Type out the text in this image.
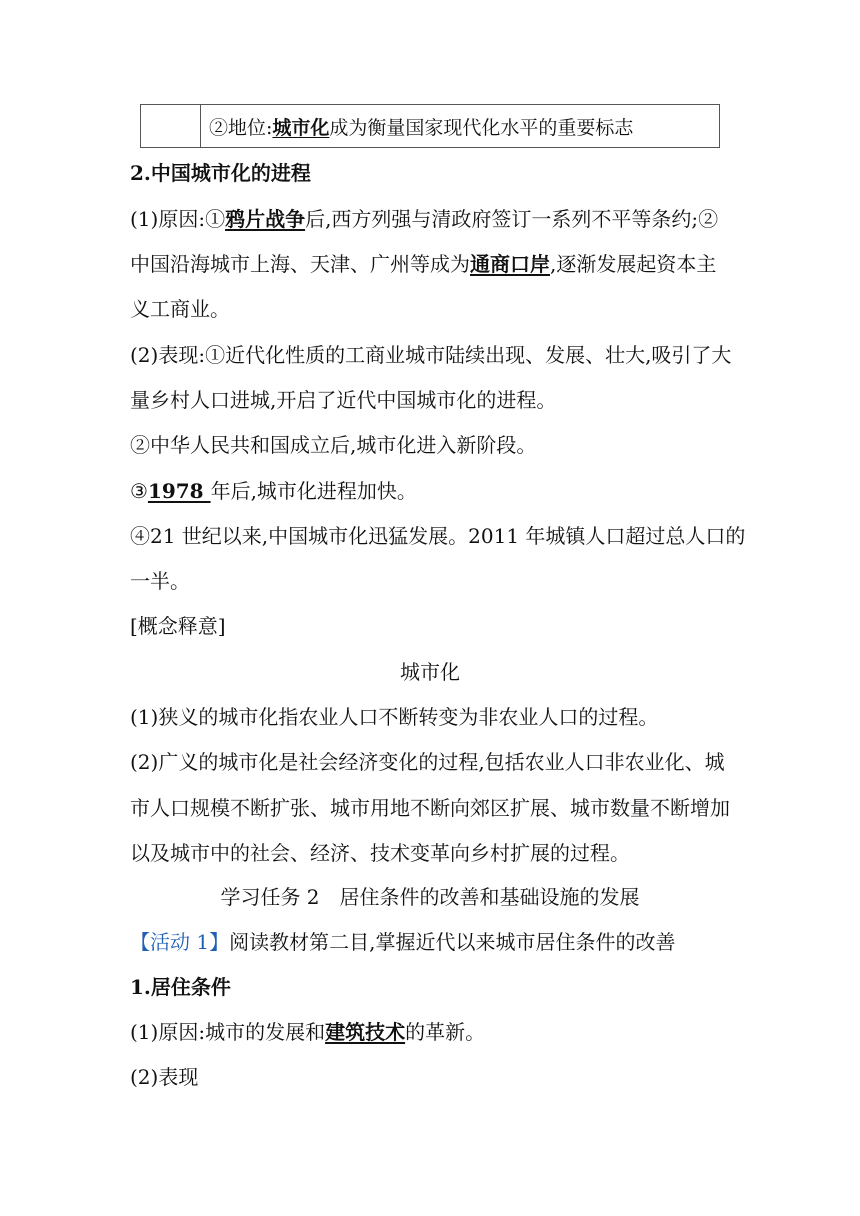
②地位: 城市化 成为衡量国家现代化水平的重要标志
2.中国城市化的进程
(1)原因:①鸦片战争后,西方列强与清政府签订一系列不平等条约;②
中国沿海城市上海、天津、广州等成为通商口岸,逐渐发展起资本主
义工商业。
(2)表现:①近代化性质的工商业城市陆续出现、发展、壮大,吸引了大
量乡村人口进城,开启了近代中国城市化的进程。
②中华人民共和国成立后,城市化进入新阶段。
③1978 年后,城市化进程加快。
④21 世纪以来,中国城市化迅猛发展。2011 年城镇人口超过总人口的
一半。
[概念释意]
城市化
(1)狭义的城市化指农业人口不断转变为非农业人口的过程。
(2)广义的城市化是社会经济变化的过程,包括农业人口非农业化、城
市人口规模不断扩张、城市用地不断向郊区扩展、城市数量不断增加
以及城市中的社会、经济、技术变革向乡村扩展的过程。
学习任务 2　居住条件的改善和基础设施的发展
【活动 1】阅读教材第二目,掌握近代以来城市居住条件的改善
1.居住条件
(1)原因:城市的发展和建筑技术的革新。
(2)表现
